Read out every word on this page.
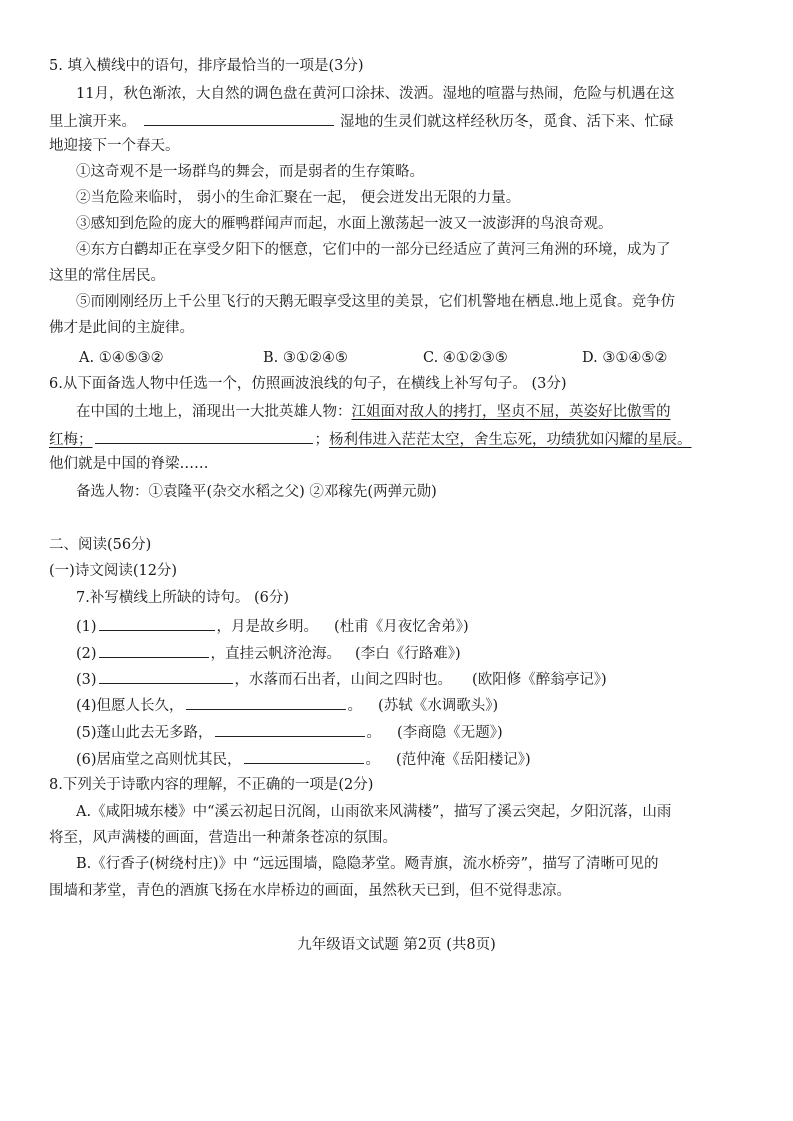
5. 填入横线中的语句，排序最恰当的一项是(3分)
11月，秋色渐浓，大自然的调色盘在黄河口涂抹、泼洒。湿地的喧嚣与热闹，危险与机遇在这
里上演开来。	湿地的生灵们就这样经秋历冬，觅食、活下来、忙碌
地迎接下一个春天。
①这奇观不是一场群鸟的舞会，而是弱者的生存策略。
②当危险来临时， 弱小的生命汇聚在一起， 便会迸发出无限的力量。
③感知到危险的庞大的雁鸭群闻声而起，水面上激荡起一波又一波澎湃的鸟浪奇观。
④东方白鹳却正在享受夕阳下的惬意，它们中的一部分已经适应了黄河三角洲的环境，成为了
这里的常住居民。
⑤而刚刚经历上千公里飞行的天鹅无暇享受这里的美景，它们机警地在栖息.地上觅食。竞争仿
佛才是此间的主旋律。
A. ①④⑤③②	B. ③①②④⑤	C. ④①②③⑤	D. ③①④⑤②
6.从下面备选人物中任选一个，仿照画波浪线的句子，在横线上补写句子。 (3分)
在中国的土地上，涌现出一大批英雄人物：江姐面对敌人的拷打，坚贞不屈，英姿好比傲雪的
红梅；	；杨利伟进入茫茫太空，舍生忘死，功绩犹如闪耀的星辰。
他们就是中国的脊梁……
备选人物：①袁隆平(杂交水稻之父) ②邓稼先(两弹元勋)
二、阅读(56分)
(一)诗文阅读(12分)
7.补写横线上所缺的诗句。 (6分)
(1)	，月是故乡明。 (杜甫《月夜忆舍弟》)
(2)	，直挂云帆济沧海。 (李白《行路难》)
(3)	，水落而石出者，山间之四时也。 (欧阳修《醉翁亭记》)
(4)但愿人长久，	。 (苏轼《水调歌头》)
(5)蓬山此去无多路，	。 (李商隐《无题》)
(6)居庙堂之高则忧其民，	。 (范仲淹《岳阳楼记》)
8.下列关于诗歌内容的理解，不正确的一项是(2分)
A.《咸阳城东楼》中“溪云初起日沉阁，山雨欲来风满楼”，描写了溪云突起，夕阳沉落，山雨
将至，风声满楼的画面，营造出一种萧条苍凉的氛围。
B.《行香子(树绕村庄)》中 “远远围墙，隐隐茅堂。飏青旗，流水桥旁”，描写了清晰可见的
围墙和茅堂，青色的酒旗飞扬在水岸桥边的画面，虽然秋天已到，但不觉得悲凉。
九年级语文试题 第2页 (共8页)
